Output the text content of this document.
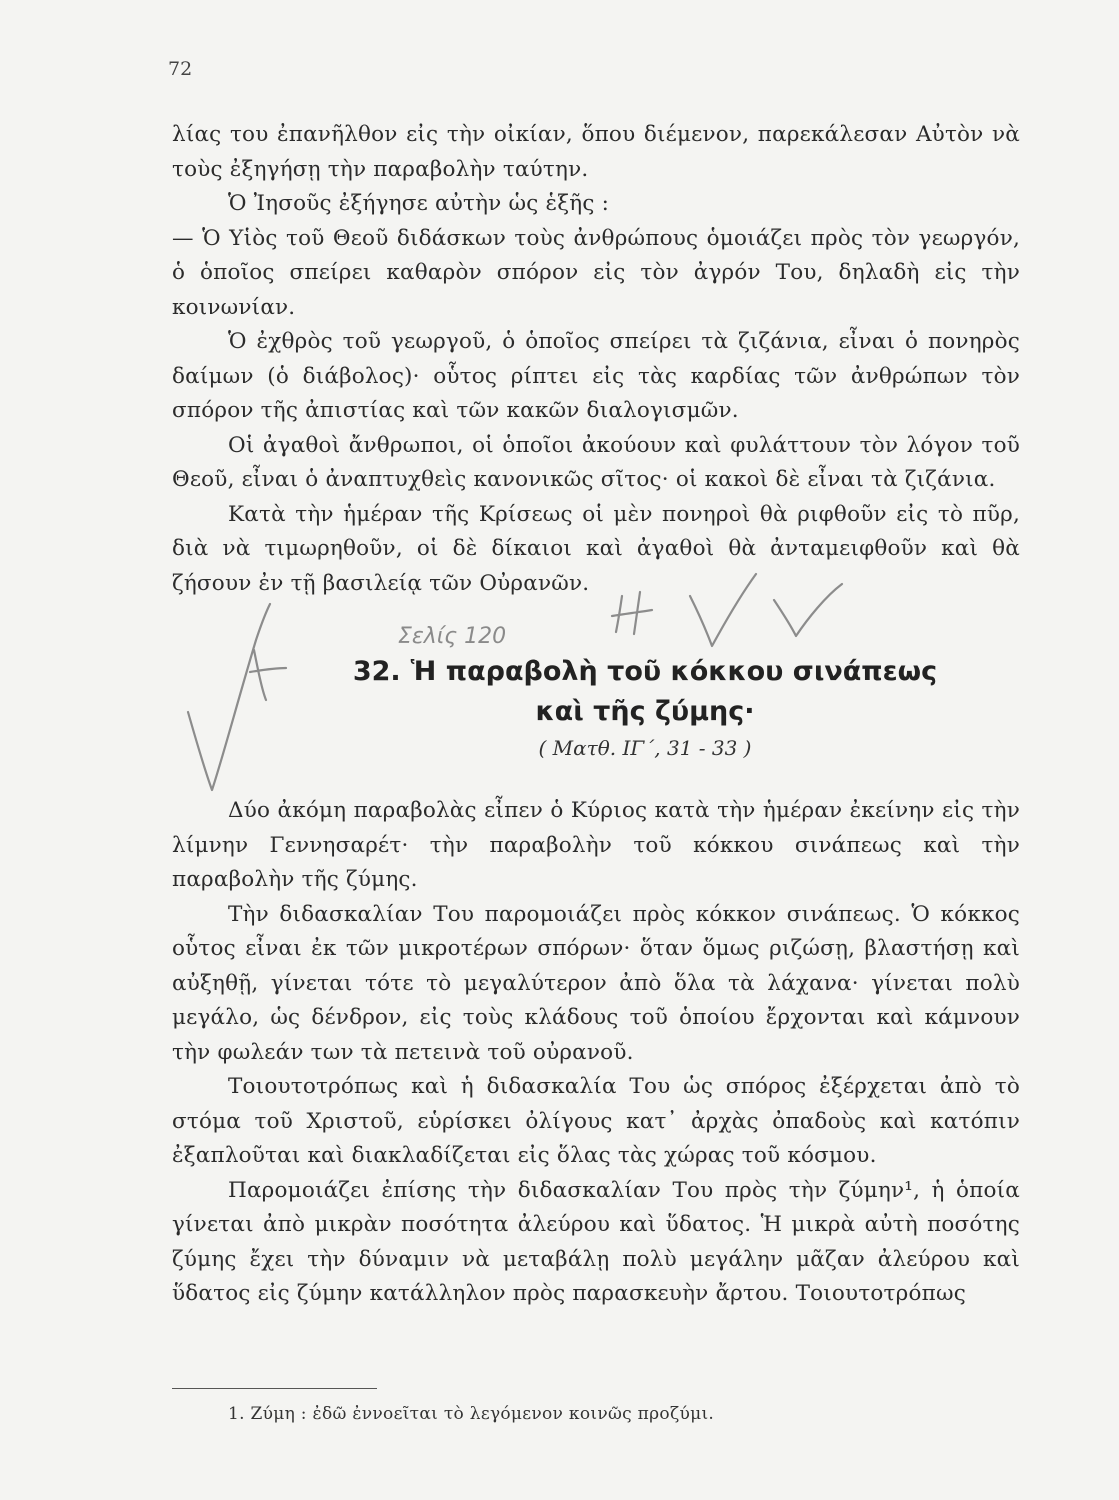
72

λίας του ἐπανῆλθον εἰς τὴν οἰκίαν, ὅπου διέμενον, παρεκάλεσαν Αὐτὸν νὰ τοὺς ἐξηγήσῃ τὴν παραβολὴν ταύτην.

Ὁ Ἰησοῦς ἐξήγησε αὐτὴν ὡς ἑξῆς :

— Ὁ Υἱὸς τοῦ Θεοῦ διδάσκων τοὺς ἀνθρώπους ὁμοιάζει πρὸς τὸν γεωργόν, ὁ ὁποῖος σπείρει καθαρὸν σπόρον εἰς τὸν ἀγρόν Του, δηλαδὴ εἰς τὴν κοινωνίαν.

Ὁ ἐχθρὸς τοῦ γεωργοῦ, ὁ ὁποῖος σπείρει τὰ ζιζάνια, εἶναι ὁ πονηρὸς δαίμων (ὁ διάβολος)· οὗτος ρίπτει εἰς τὰς καρδίας τῶν ἀνθρώπων τὸν σπόρον τῆς ἀπιστίας καὶ τῶν κακῶν διαλογισμῶν.

Οἱ ἀγαθοὶ ἄνθρωποι, οἱ ὁποῖοι ἀκούουν καὶ φυλάττουν τὸν λόγον τοῦ Θεοῦ, εἶναι ὁ ἀναπτυχθεὶς κανονικῶς σῖτος· οἱ κακοὶ δὲ εἶναι τὰ ζιζάνια.

Κατὰ τὴν ἡμέραν τῆς Κρίσεως οἱ μὲν πονηροὶ θὰ ριφθοῦν εἰς τὸ πῦρ, διὰ νὰ τιμωρηθοῦν, οἱ δὲ δίκαιοι καὶ ἀγαθοὶ θὰ ἀνταμειφθοῦν καὶ θὰ ζήσουν ἐν τῇ βασιλείᾳ τῶν Οὐρανῶν.

Σελίς 120
32. Ἡ παραβολὴ τοῦ κόκκου σινάπεως
καὶ τῆς ζύμης·
( Ματθ. ΙΓ΄, 31 - 33 )

Δύο ἀκόμη παραβολὰς εἶπεν ὁ Κύριος κατὰ τὴν ἡμέραν ἐκείνην εἰς τὴν λίμνην Γεννησαρέτ· τὴν παραβολὴν τοῦ κόκκου σινάπεως καὶ τὴν παραβολὴν τῆς ζύμης.

Τὴν διδασκαλίαν Του παρομοιάζει πρὸς κόκκον σινάπεως. Ὁ κόκκος οὗτος εἶναι ἐκ τῶν μικροτέρων σπόρων· ὅταν ὅμως ριζώσῃ, βλαστήσῃ καὶ αὐξηθῇ, γίνεται τότε τὸ μεγαλύτερον ἀπὸ ὅλα τὰ λάχανα· γίνεται πολὺ μεγάλο, ὡς δένδρον, εἰς τοὺς κλάδους τοῦ ὁποίου ἔρχονται καὶ κάμνουν τὴν φωλεάν των τὰ πετεινὰ τοῦ οὐρανοῦ.

Τοιουτοτρόπως καὶ ἡ διδασκαλία Του ὡς σπόρος ἐξέρχεται ἀπὸ τὸ στόμα τοῦ Χριστοῦ, εὑρίσκει ὀλίγους κατ᾽ ἀρχὰς ὀπαδοὺς καὶ κατόπιν ἐξαπλοῦται καὶ διακλαδίζεται εἰς ὅλας τὰς χώρας τοῦ κόσμου.

Παρομοιάζει ἐπίσης τὴν διδασκαλίαν Του πρὸς τὴν ζύμην¹, ἡ ὁποία γίνεται ἀπὸ μικρὰν ποσότητα ἀλεύρου καὶ ὕδατος. Ἡ μικρὰ αὐτὴ ποσότης ζύμης ἔχει τὴν δύναμιν νὰ μεταβάλῃ πολὺ μεγάλην μᾶζαν ἀλεύρου καὶ ὕδατος εἰς ζύμην κατάλληλον πρὸς παρασκευὴν ἄρτου. Τοιουτοτρόπως

1. Ζύμη : ἐδῶ ἐννοεῖται τὸ λεγόμενον κοινῶς προζύμι.
